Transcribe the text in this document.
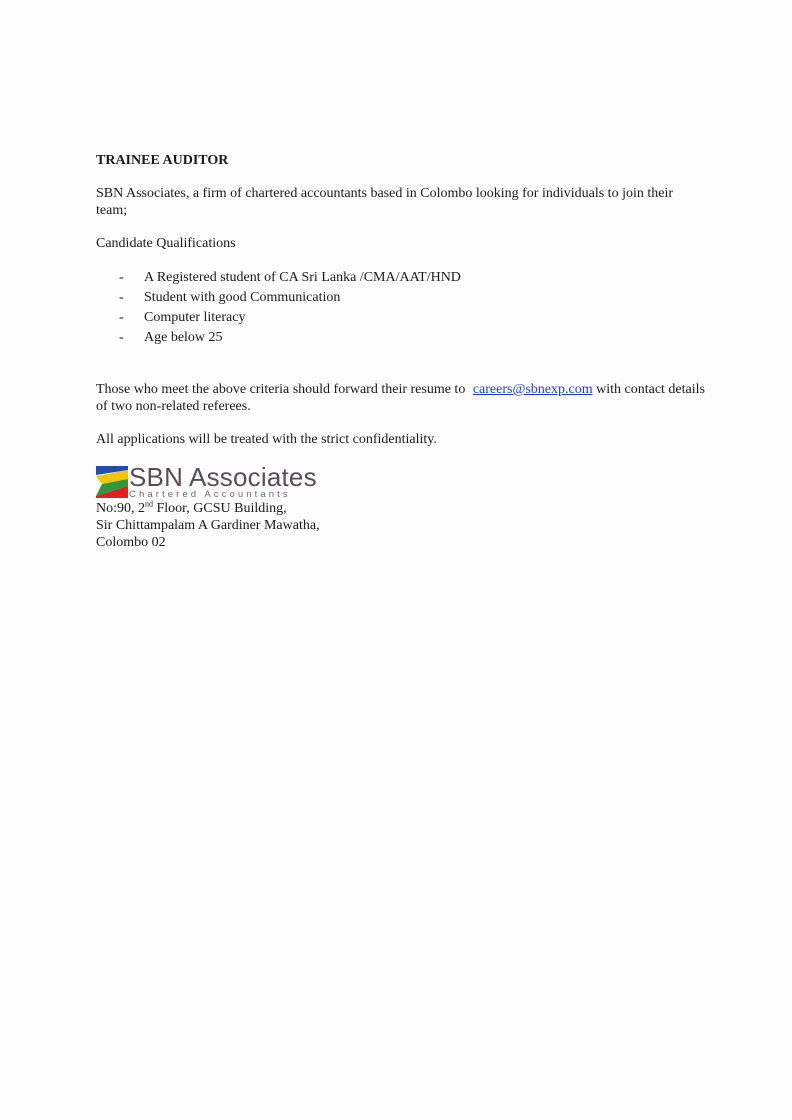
TRAINEE AUDITOR

SBN Associates, a firm of chartered accountants based in Colombo looking for individuals to join their team;

Candidate Qualifications

-	A Registered student of CA Sri Lanka /CMA/AAT/HND
-	Student with good Communication
-	Computer literacy
-	Age below 25

Those who meet the above criteria should forward their resume to careers@sbnexp.com with contact details of two non-related referees.

All applications will be treated with the strict confidentiality.

SBN Associates
Chartered Accountants
No:90, 2nd Floor, GCSU Building,
Sir Chittampalam A Gardiner Mawatha,
Colombo 02
